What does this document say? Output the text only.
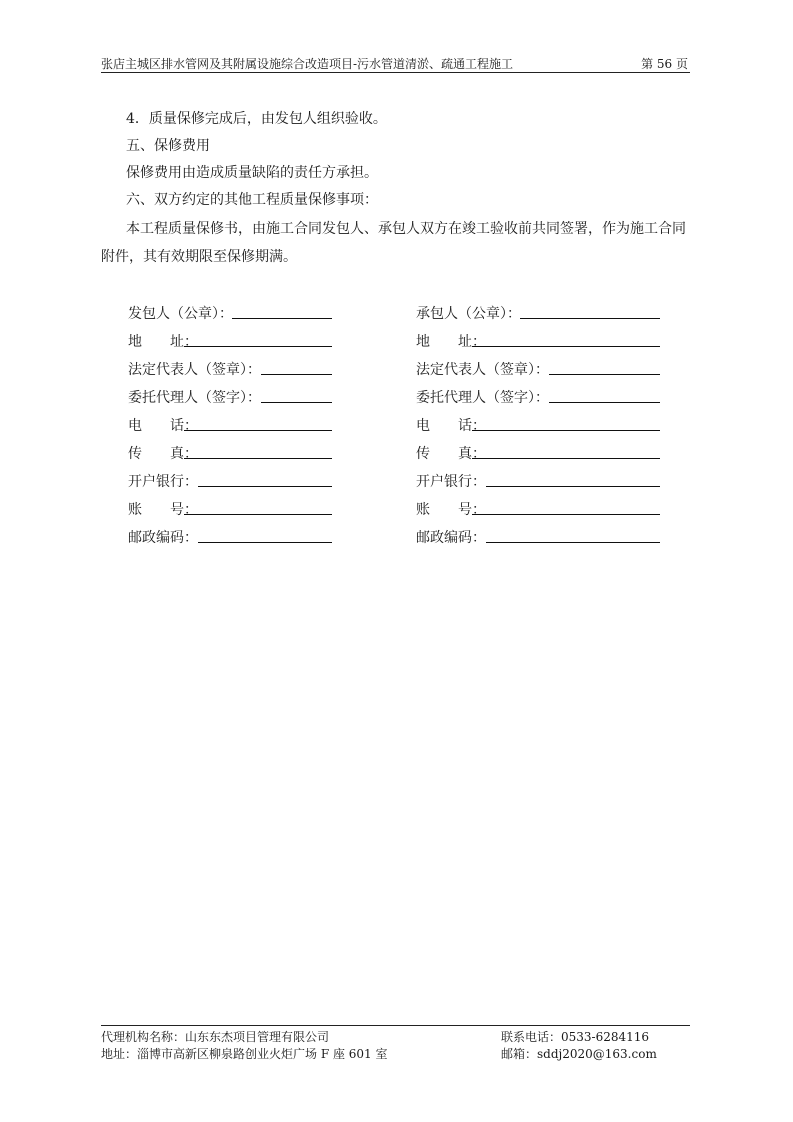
张店主城区排水管网及其附属设施综合改造项目-污水管道清淤、疏通工程施工	第 56 页
4．质量保修完成后，由发包人组织验收。
五、保修费用
保修费用由造成质量缺陷的责任方承担。
六、双方约定的其他工程质量保修事项：
本工程质量保修书，由施工合同发包人、承包人双方在竣工验收前共同签署，作为施工合同
附件，其有效期限至保修期满。
发包人（公章）：
地　　址：
法定代表人（签章）：
委托代理人（签字）：
电　　话：
传　　真：
开户银行：
账　　号：
邮政编码：
承包人（公章）：
地　　址：
法定代表人（签章）：
委托代理人（签字）：
电　　话：
传　　真：
开户银行：
账　　号：
邮政编码：
代理机构名称：山东东杰项目管理有限公司
地址：淄博市高新区柳泉路创业火炬广场 F 座 601 室
联系电话：0533-6284116
邮箱：sddj2020@163.com
